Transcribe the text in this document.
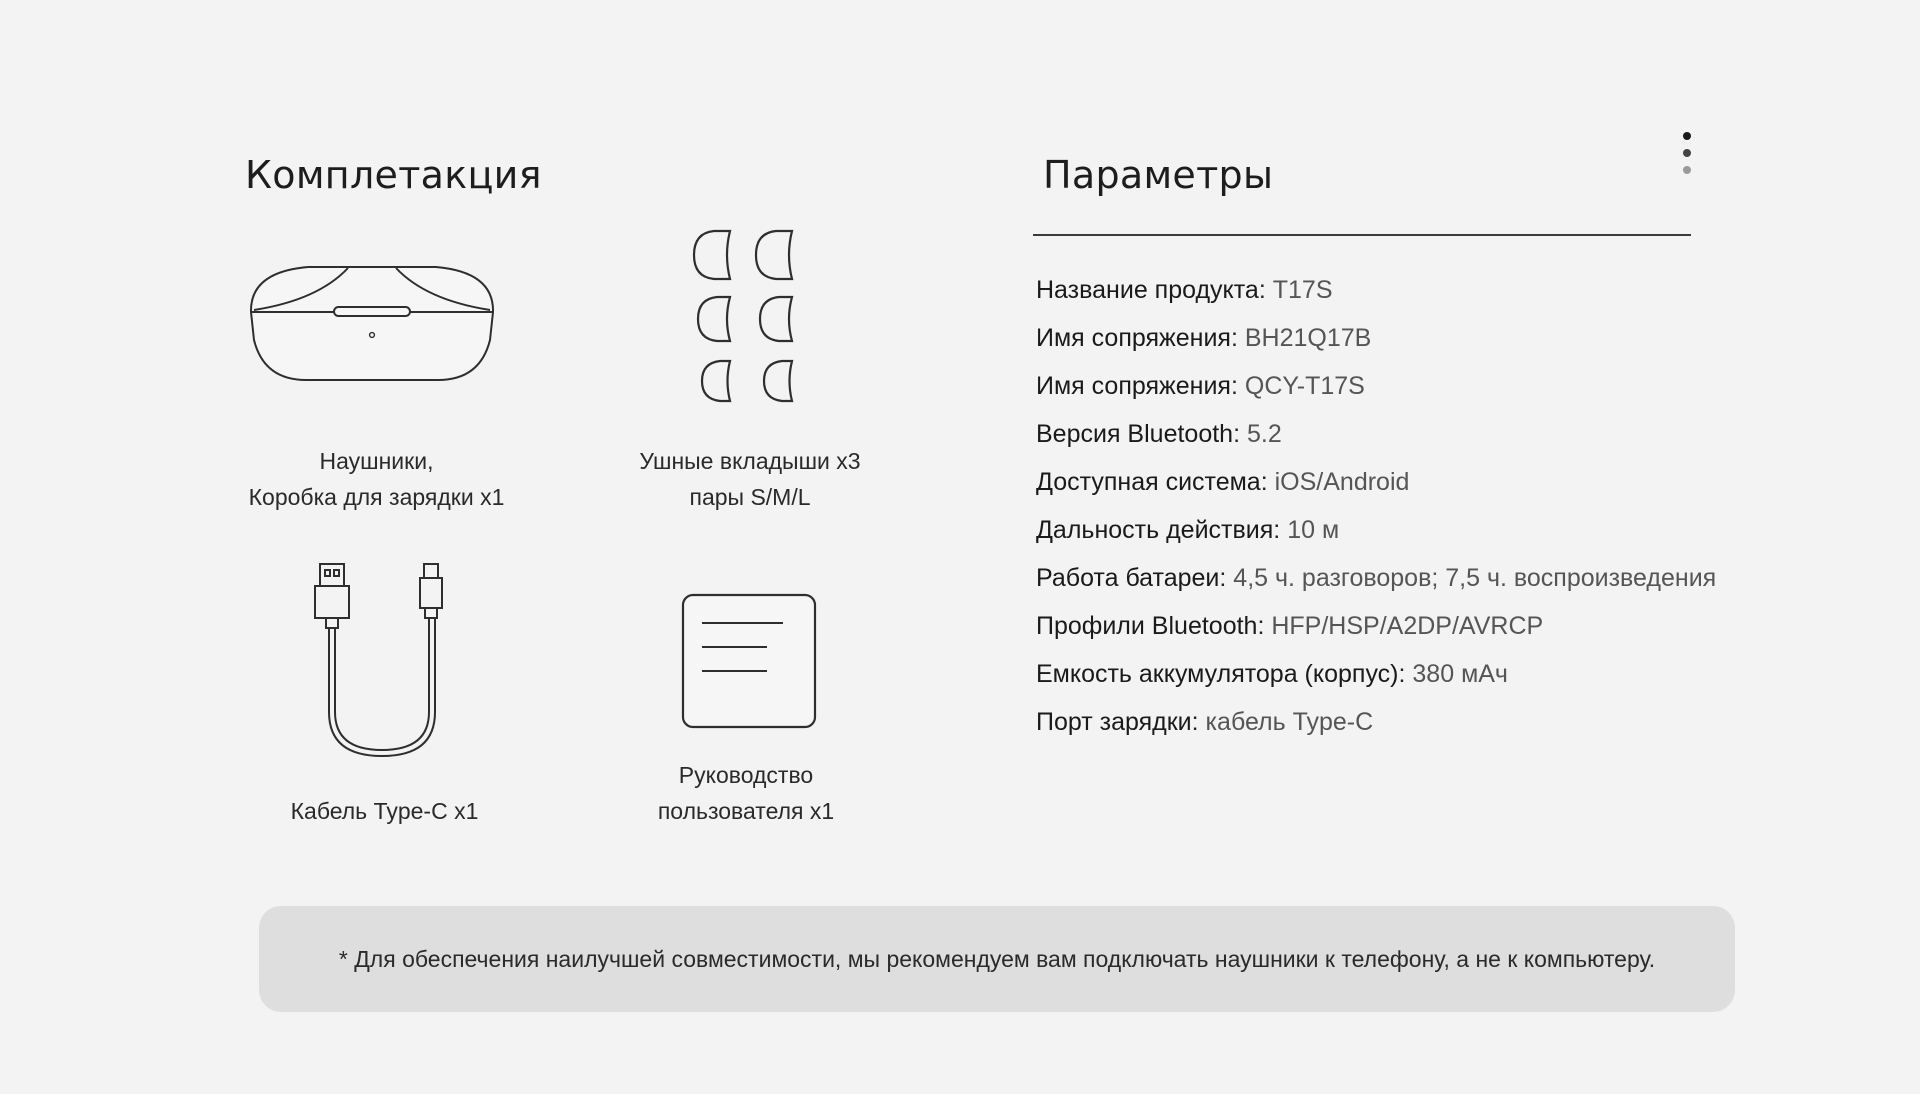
Комплетакция	Параметры
Наушники,
Коробка для зарядки x1
Ушные вкладыши x3
пары S/M/L
Кабель Type-C x1
Руководство
пользователя x1
Название продукта: T17S
Имя сопряжения: BH21Q17B
Имя сопряжения: QCY-T17S
Версия Bluetooth: 5.2
Доступная система: iOS/Android
Дальность действия: 10 м
Работа батареи: 4,5 ч. разговоров; 7,5 ч. воспроизведения
Профили Bluetooth: HFP/HSP/A2DP/AVRCP
Емкость аккумулятора (корпус): 380 мАч
Порт зарядки: кабель Type-C
* Для обеспечения наилучшей совместимости, мы рекомендуем вам подключать наушники к телефону, а не к компьютеру.
